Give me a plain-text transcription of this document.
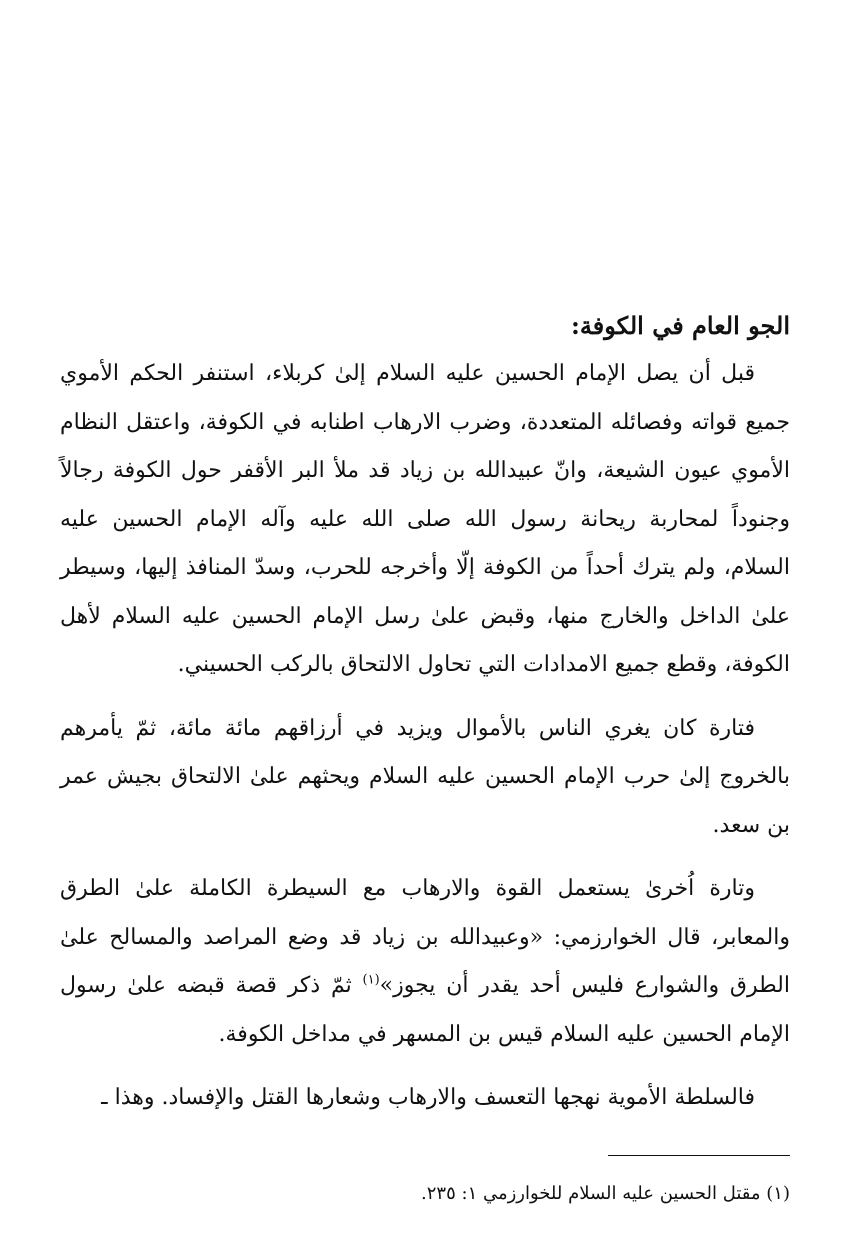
الجو العام في الكوفة:

قبل أن يصل الإمام الحسين عليه السلام إلىٰ كربلاء، استنفر الحكم الأموي جميع قواته وفصائله المتعددة، وضرب الارهاب اطنابه في الكوفة، واعتقل النظام الأموي عيون الشيعة، وانّ عبيدالله بن زياد قد ملأ البر الأقفر حول الكوفة رجالاً وجنوداً لمحاربة ريحانة رسول الله صلى الله عليه وآله الإمام الحسين عليه السلام، ولم يترك أحداً من الكوفة إلّا وأخرجه للحرب، وسدّ المنافذ إليها، وسيطر علىٰ الداخل والخارج منها، وقبض علىٰ رسل الإمام الحسين عليه السلام لأهل الكوفة، وقطع جميع الامدادات التي تحاول الالتحاق بالركب الحسيني.

فتارة كان يغري الناس بالأموال ويزيد في أرزاقهم مائة مائة، ثمّ يأمرهم بالخروج إلىٰ حرب الإمام الحسين عليه السلام ويحثهم علىٰ الالتحاق بجيش عمر بن سعد.

وتارة اُخرىٰ يستعمل القوة والارهاب مع السيطرة الكاملة علىٰ الطرق والمعابر، قال الخوارزمي: «وعبيدالله بن زياد قد وضع المراصد والمسالح علىٰ الطرق والشوارع فليس أحد يقدر أن يجوز»$^{(١)}$ ثمّ ذكر قصة قبضه علىٰ رسول الإمام الحسين عليه السلام قيس بن المسهر في مداخل الكوفة.

فالسلطة الأموية نهجها التعسف والارهاب وشعارها القتل والإفساد. وهذا ـ

(١) مقتل الحسين عليه السلام للخوارزمي ١: ٢٣٥.
